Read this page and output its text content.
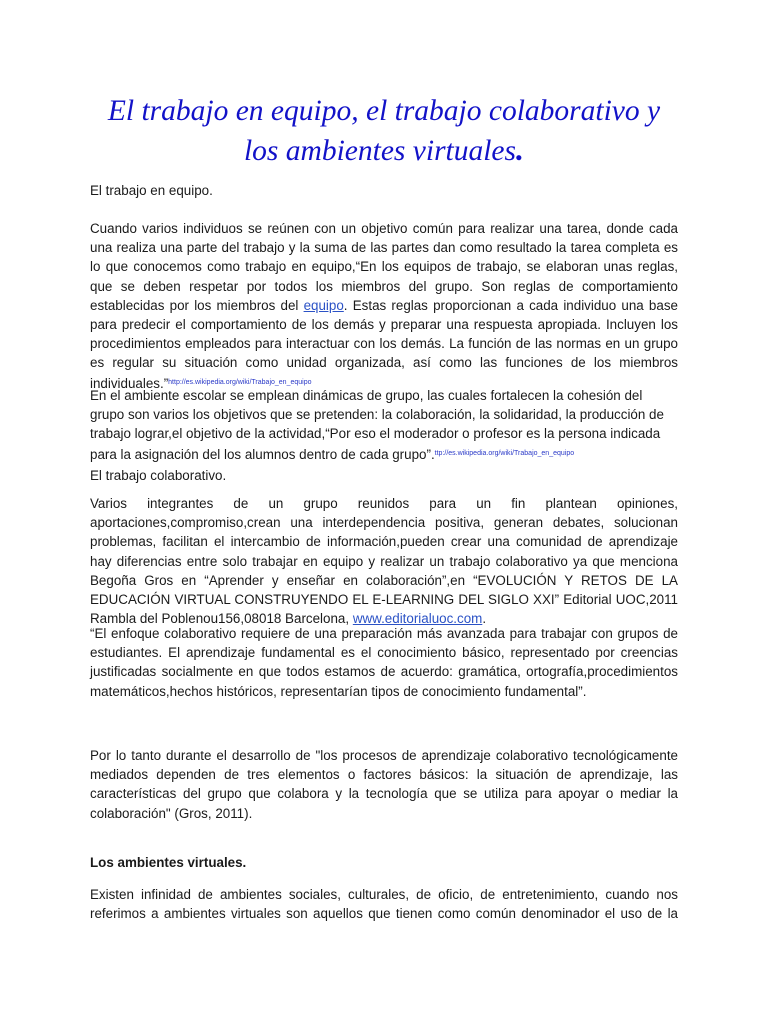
El trabajo en equipo, el trabajo colaborativo y
los ambientes virtuales.

El trabajo en equipo.

Cuando varios individuos se reúnen con un objetivo común para realizar una tarea, donde cada una realiza una parte del trabajo y la suma de las partes dan como resultado la tarea completa es lo que conocemos como trabajo en equipo,“En los equipos de trabajo, se elaboran unas reglas, que se deben respetar por todos los miembros del grupo. Son reglas de comportamiento establecidas por los miembros del equipo. Estas reglas proporcionan a cada individuo una base para predecir el comportamiento de los demás y preparar una respuesta apropiada. Incluyen los procedimientos empleados para interactuar con los demás. La función de las normas en un grupo es regular su situación como unidad organizada, así como las funciones de los miembros individuales.”$^{http://es.wikipedia.org/wiki/Trabajo\_en\_equipo}$

En el ambiente escolar se emplean dinámicas de grupo, las cuales fortalecen la cohesión del grupo son varios los objetivos que se pretenden: la colaboración, la solidaridad, la producción de trabajo lograr,el objetivo de la actividad,“Por eso el moderador o profesor es la persona indicada para la asignación del los alumnos dentro de cada grupo”.$^{ttp://es.wikipedia.org/wiki/Trabajo\_en\_equipo}$

El trabajo colaborativo.

Varios integrantes de un grupo reunidos para un fin plantean opiniones, aportaciones,compromiso,crean una interdependencia positiva, generan debates, solucionan problemas, facilitan el intercambio de información,pueden crear una comunidad de aprendizaje hay diferencias entre solo trabajar en equipo y realizar un trabajo colaborativo ya que menciona Begoña Gros en “Aprender y enseñar en colaboración”,en “EVOLUCIÓN Y RETOS DE LA EDUCACIÓN VIRTUAL CONSTRUYENDO EL E-LEARNING DEL SIGLO XXI” Editorial UOC,2011 Rambla del Poblenou156,08018 Barcelona, www.editorialuoc.com.

“El enfoque colaborativo requiere de una preparación más avanzada para trabajar con grupos de estudiantes. El aprendizaje fundamental es el conocimiento básico, representado por creencias justificadas socialmente en que todos estamos de acuerdo: gramática, ortografía,procedimientos matemáticos,hechos históricos, representarían tipos de conocimiento fundamental”.

Por lo tanto durante el desarrollo de "los procesos de aprendizaje colaborativo tecnológicamente mediados dependen de tres elementos o factores básicos: la situación de aprendizaje, las características del grupo que colabora y la tecnología que se utiliza para apoyar o mediar la colaboración" (Gros, 2011).

Los ambientes virtuales.

Existen infinidad de ambientes sociales, culturales, de oficio, de entretenimiento, cuando nos referimos a ambientes virtuales son aquellos que tienen como común denominador el uso de la
